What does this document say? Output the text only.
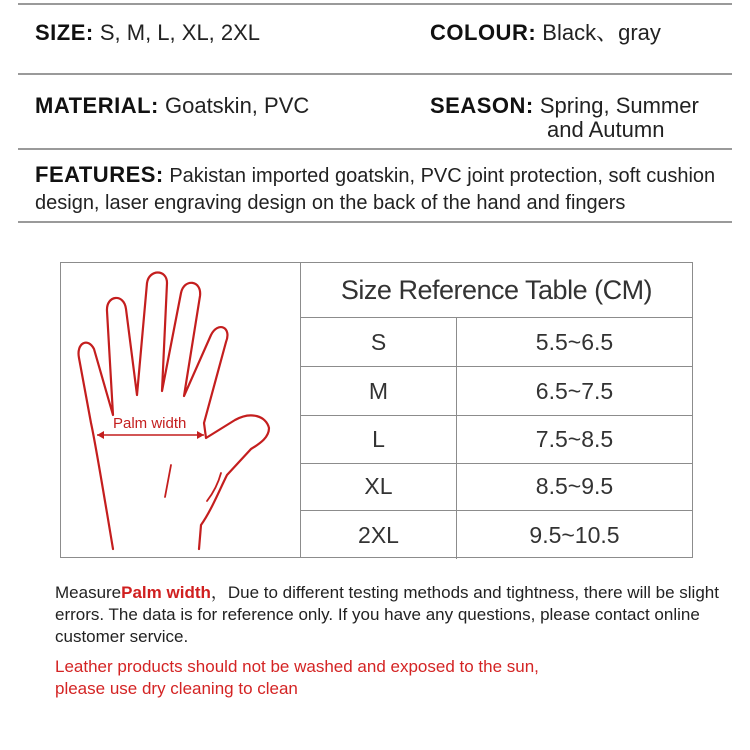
SIZE: S, M, L, XL, 2XL	COLOUR: Black、gray
MATERIAL: Goatskin, PVC	SEASON: Spring, Summer
and Autumn
FEATURES: Pakistan imported goatskin, PVC joint protection, soft cushion design, laser engraving design on the back of the hand and fingers
Palm width
Size Reference Table (CM)
S	5.5~6.5
M	6.5~7.5
L	7.5~8.5
XL	8.5~9.5
2XL	9.5~10.5
MeasurePalm width，Due to different testing methods and tightness, there will be slight errors. The data is for reference only. If you have any questions, please contact online customer service.
Leather products should not be washed and exposed to the sun,
please use dry cleaning to clean
